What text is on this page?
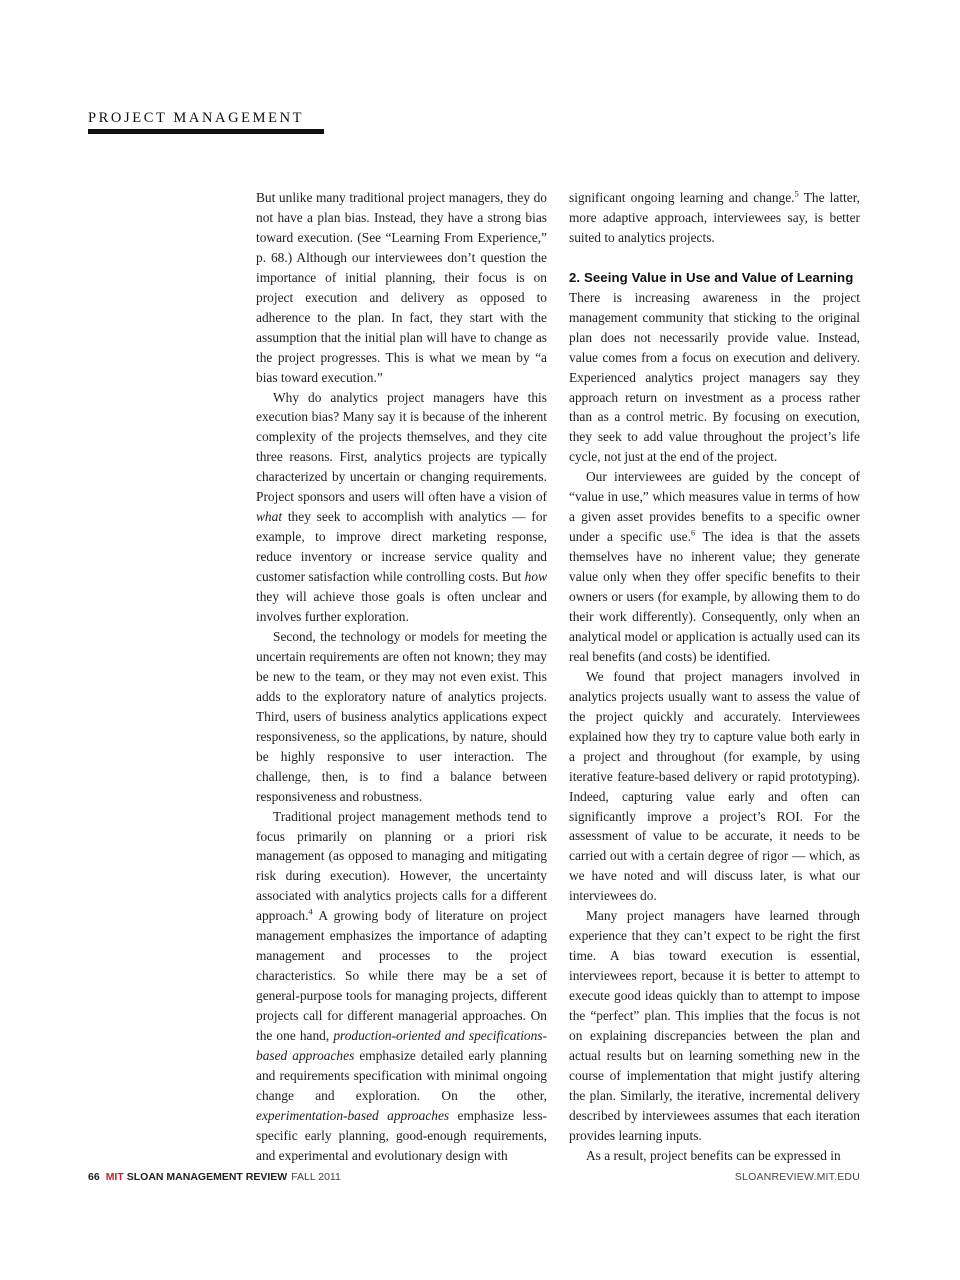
PROJECT MANAGEMENT

But unlike many traditional project managers, they do not have a plan bias. Instead, they have a strong bias toward execution. (See “Learning From Experience,” p. 68.) Although our interviewees don’t question the importance of initial planning, their focus is on project execution and delivery as opposed to adherence to the plan. In fact, they start with the assumption that the initial plan will have to change as the project progresses. This is what we mean by “a bias toward execution.”

Why do analytics project managers have this execution bias? Many say it is because of the inherent complexity of the projects themselves, and they cite three reasons. First, analytics projects are typically characterized by uncertain or changing requirements. Project sponsors and users will often have a vision of what they seek to accomplish with analytics — for example, to improve direct marketing response, reduce inventory or increase service quality and customer satisfaction while controlling costs. But how they will achieve those goals is often unclear and involves further exploration.

Second, the technology or models for meeting the uncertain requirements are often not known; they may be new to the team, or they may not even exist. This adds to the exploratory nature of analytics projects. Third, users of business analytics applications expect responsiveness, so the applications, by nature, should be highly responsive to user interaction. The challenge, then, is to find a balance between responsiveness and robustness.

Traditional project management methods tend to focus primarily on planning or a priori risk management (as opposed to managing and mitigating risk during execution). However, the uncertainty associated with analytics projects calls for a different approach.$^4$ A growing body of literature on project management emphasizes the importance of adapting management and processes to the project characteristics. So while there may be a set of general-purpose tools for managing projects, different projects call for different managerial approaches. On the one hand, production-oriented and specifications-based approaches emphasize detailed early planning and requirements specification with minimal ongoing change and exploration. On the other, experimentation-based approaches emphasize less-specific early planning, good-enough requirements, and experimental and evolutionary design with

significant ongoing learning and change.$^5$ The latter, more adaptive approach, interviewees say, is better suited to analytics projects.

2. Seeing Value in Use and Value of Learning

There is increasing awareness in the project management community that sticking to the original plan does not necessarily provide value. Instead, value comes from a focus on execution and delivery. Experienced analytics project managers say they approach return on investment as a process rather than as a control metric. By focusing on execution, they seek to add value throughout the project’s life cycle, not just at the end of the project.

Our interviewees are guided by the concept of “value in use,” which measures value in terms of how a given asset provides benefits to a specific owner under a specific use.$^6$ The idea is that the assets themselves have no inherent value; they generate value only when they offer specific benefits to their owners or users (for example, by allowing them to do their work differently). Consequently, only when an analytical model or application is actually used can its real benefits (and costs) be identified.

We found that project managers involved in analytics projects usually want to assess the value of the project quickly and accurately. Interviewees explained how they try to capture value both early in a project and throughout (for example, by using iterative feature-based delivery or rapid prototyping). Indeed, capturing value early and often can significantly improve a project’s ROI. For the assessment of value to be accurate, it needs to be carried out with a certain degree of rigor — which, as we have noted and will discuss later, is what our interviewees do.

Many project managers have learned through experience that they can’t expect to be right the first time. A bias toward execution is essential, interviewees report, because it is better to attempt to execute good ideas quickly than to attempt to impose the “perfect” plan. This implies that the focus is not on explaining discrepancies between the plan and actual results but on learning something new in the course of implementation that might justify altering the plan. Similarly, the iterative, incremental delivery described by interviewees assumes that each iteration provides learning inputs.

As a result, project benefits can be expressed in

66 MIT SLOAN MANAGEMENT REVIEW FALL 2011	SLOANREVIEW.MIT.EDU
